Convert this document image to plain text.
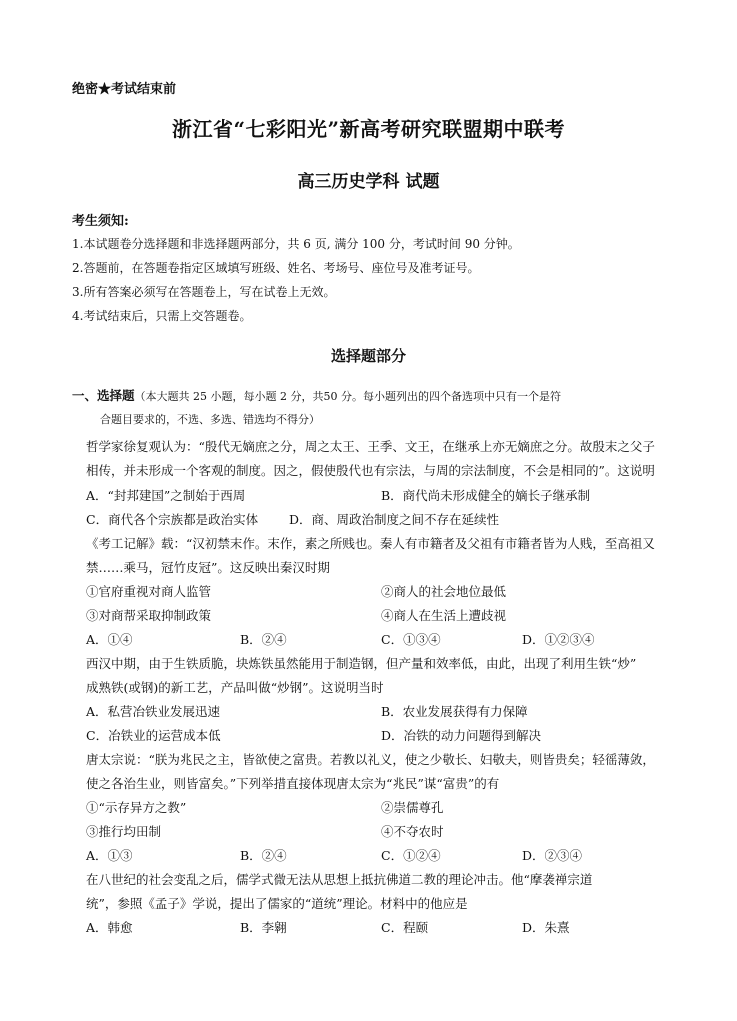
绝密★考试结束前
浙江省“七彩阳光”新高考研究联盟期中联考
高三历史学科 试题
考生须知:
1.本试题卷分选择题和非选择题两部分，共 6 页, 满分 100 分，考试时间 90 分钟。
2.答题前，在答题卷指定区域填写班级、姓名、考场号、座位号及准考证号。
3.所有答案必须写在答题卷上，写在试卷上无效。
4.考试结束后，只需上交答题卷。
选择题部分
一、选择题（本大题共 25 小题，每小题 2 分，共50 分。每小题列出的四个备选项中只有一个是符
合题目要求的，不选、多选、错选均不得分）
哲学家徐复观认为：“殷代无嫡庶之分，周之太王、王季、文王，在继承上亦无嫡庶之分。故殷末之父子
相传，并未形成一个客观的制度。因之，假使殷代也有宗法，与周的宗法制度，不会是相同的”。这说明
A．“封邦建国”之制始于西周	B．商代尚未形成健全的嫡长子继承制
C．商代各个宗族都是政治实体 D．商、周政治制度之间不存在延续性
《考工记解》载：“汉初禁末作。末作，素之所贱也。秦人有市籍者及父祖有市籍者皆为人贱，至高祖又
禁……乘马，冠竹皮冠”。这反映出秦汉时期
①官府重视对商人监管	②商人的社会地位最低
③对商帮采取抑制政策	④商人在生活上遭歧视
A．①④	B．②④	C．①③④	D．①②③④
西汉中期，由于生铁质脆，块炼铁虽然能用于制造钢，但产量和效率低，由此，出现了利用生铁“炒”
成熟铁(或钢)的新工艺，产品叫做“炒钢”。这说明当时
A．私营冶铁业发展迅速	B．农业发展获得有力保障
C．冶铁业的运营成本低	D．冶铁的动力问题得到解决
唐太宗说：“朕为兆民之主，皆欲使之富贵。若教以礼义，使之少敬长、妇敬夫，则皆贵矣；轻徭薄敛，
使之各治生业，则皆富矣。”下列举措直接体现唐太宗为“兆民”谋“富贵”的有
①“示存异方之教”	②崇儒尊孔
③推行均田制	④不夺农时
A．①③	B．②④	C．①②④	D．②③④
在八世纪的社会变乱之后，儒学式微无法从思想上抵抗佛道二教的理论冲击。他“摩袭禅宗道
统”，参照《孟子》学说，提出了儒家的“道统”理论。材料中的他应是
A．韩愈	B．李翱	C．程颐	D．朱熹
